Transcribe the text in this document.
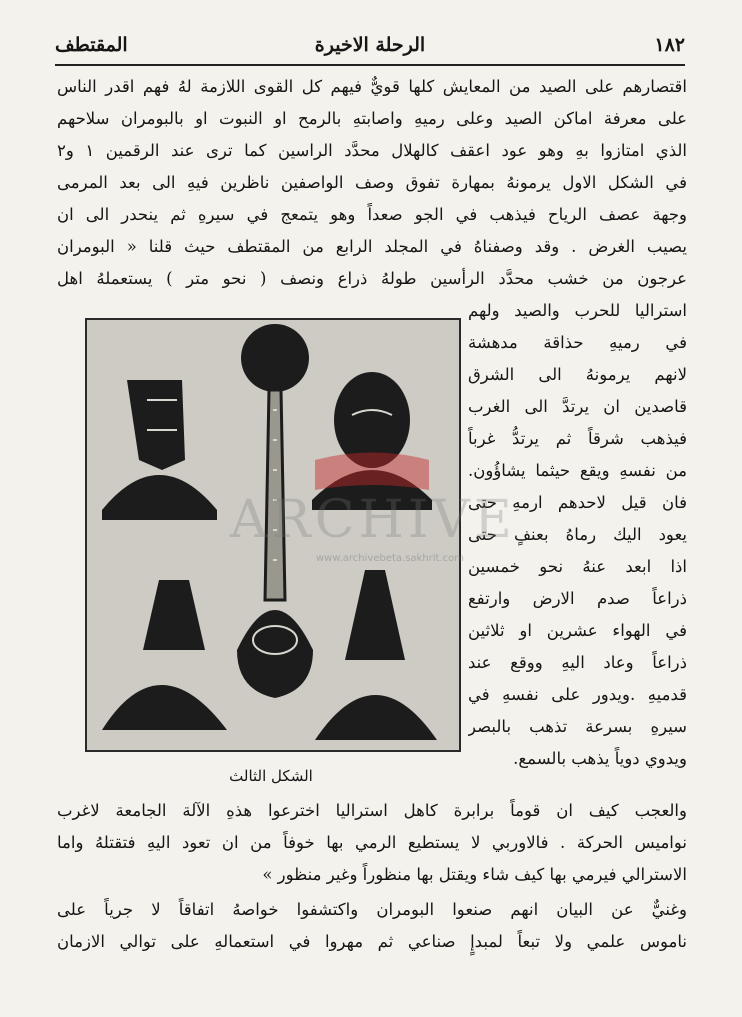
١٨٢
الرحلة الاخيرة
المقتطف
اقتصارهم على الصيد من المعايش كلها قويٌّ فيهم كل القوى اللازمة لهُ فهم اقدر الناس
على معرفة اماكن الصيد وعلى رميهِ واصابتهِ بالرمح او النبوت او بالبومران سلاحهم
الذي امتازوا بهِ وهو عود اعقف كالهلال محدَّد الراسين كما ترى عند الرقمين ١ و٢
في الشكل الاول يرمونهُ بمهارة تفوق وصف الواصفين ناظرين فيهِ الى بعد المرمى
وجهة عصف الرياح فيذهب في الجو صعداً وهو يتمعج في سيرهِ ثم ينحدر الى ان
يصيب الغرض . وقد وصفناهُ في المجلد الرابع من المقتطف حيث قلنا « البومران
عرجون من خشب محدَّد الرأسين طولهُ ذراع ونصف ( نحو متر ) يستعملهُ اهل
استراليا للحرب والصيد ولهم
في رميهِ حذاقة مدهشة
لانهم يرمونهُ الى الشرق
قاصدين ان يرتدَّ الى الغرب
فيذهب شرقاً ثم يرتدُّ غرباً
من نفسهِ ويقع حيثما يشاؤُون.
فان قيل لاحدهم ارمهِ حتى
يعود اليك رماهُ بعنفٍ حتى
اذا ابعد عنهُ نحو خمسين
ذراعاً صدم الارض وارتفع
في الهواء عشرين او ثلاثين
ذراعاً وعاد اليهِ ووقع عند
قدميهِ .ويدور على نفسهِ في
سيرهِ بسرعة تذهب بالبصر
ويدوي دوياً يذهب بالسمع.
ARCHIVE
www.archivebeta.sakhrit.com
الشكل الثالث
والعجب كيف ان قوماً برابرة كاهل استراليا اخترعوا هذهِ الآلة الجامعة لاغرب
نواميس الحركة . فالاوربي لا يستطيع الرمي بها خوفاً من ان تعود اليهِ فتقتلهُ واما
الاسترالي فيرمي بها كيف شاء ويقتل بها منظوراً وغير منظور »
وغنيٌّ عن البيان انهم صنعوا البومران واكتشفوا خواصهُ اتفاقاً لا جرياً على
ناموس علمي ولا تبعاً لمبدإٍ صناعي ثم مهروا في استعمالهِ على توالي الازمان
